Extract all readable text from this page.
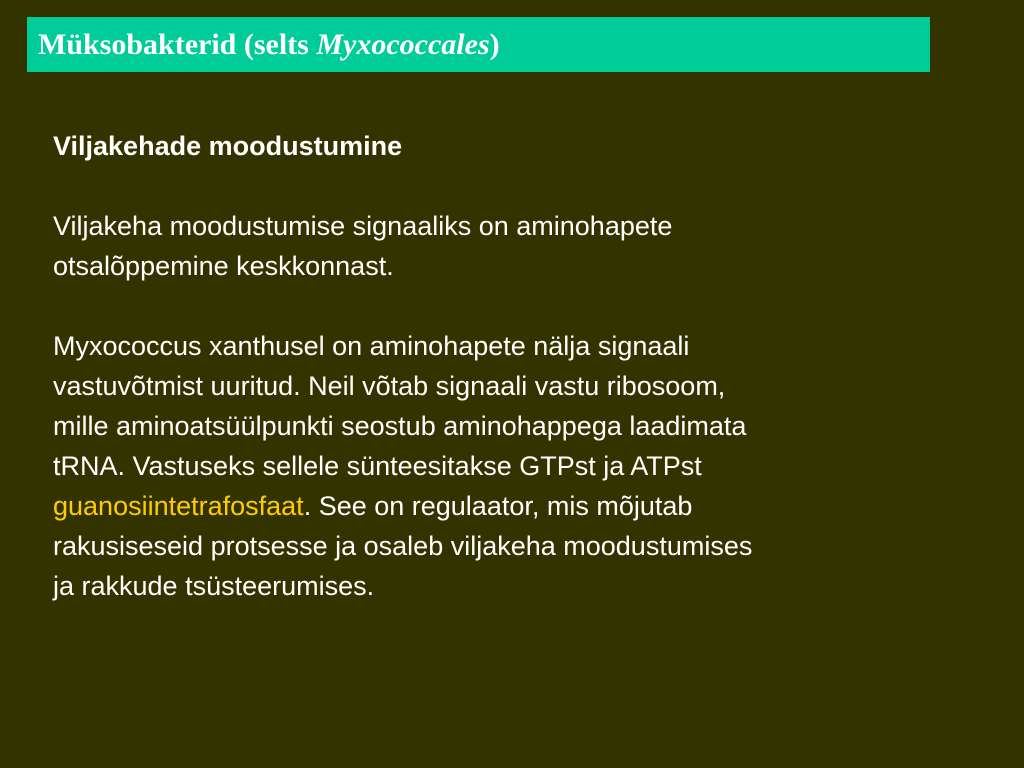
Müksobakterid (selts Myxococcales)
Viljakehade moodustumine

Viljakeha moodustumise signaaliks on aminohapete
otsalõppemine keskkonnast.

Myxococcus xanthusel on aminohapete nälja signaali
vastuvõtmist uuritud. Neil võtab signaali vastu ribosoom,
mille aminoatsüülpunkti seostub aminohappega laadimata
tRNA. Vastuseks sellele sünteesitakse GTPst ja ATPst
guanosiintetrafosfaat. See on regulaator, mis mõjutab
rakusiseseid protsesse ja osaleb viljakeha moodustumises
ja rakkude tsüsteerumises.
